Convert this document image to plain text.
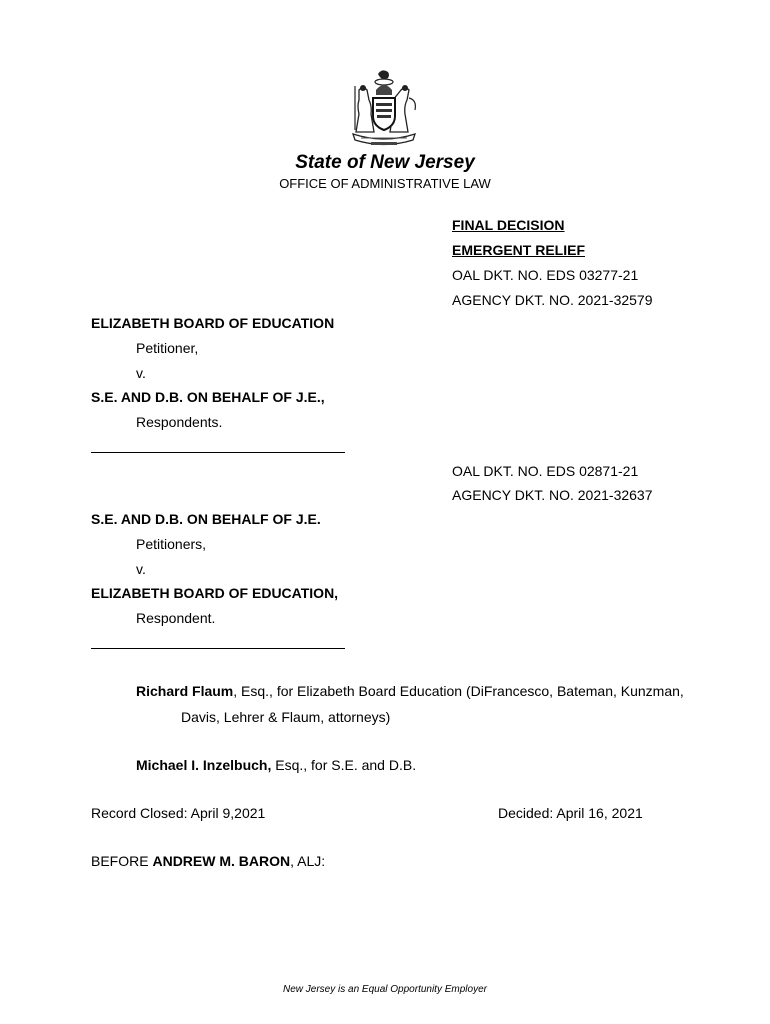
State of New Jersey
OFFICE OF ADMINISTRATIVE LAW
FINAL DECISION
EMERGENT RELIEF
OAL DKT. NO. EDS 03277-21
AGENCY DKT. NO. 2021-32579
ELIZABETH BOARD OF EDUCATION
Petitioner,
v.
S.E. AND D.B. ON BEHALF OF J.E.,
Respondents.
OAL DKT. NO. EDS 02871-21
AGENCY DKT. NO. 2021-32637
S.E. AND D.B. ON BEHALF OF J.E.
Petitioners,
v.
ELIZABETH BOARD OF EDUCATION,
Respondent.
Richard Flaum, Esq., for Elizabeth Board Education (DiFrancesco, Bateman, Kunzman,
Davis, Lehrer & Flaum, attorneys)
Michael I. Inzelbuch, Esq., for S.E. and D.B.
Record Closed: April 9,2021	Decided: April 16, 2021
BEFORE ANDREW M. BARON, ALJ:
New Jersey is an Equal Opportunity Employer
